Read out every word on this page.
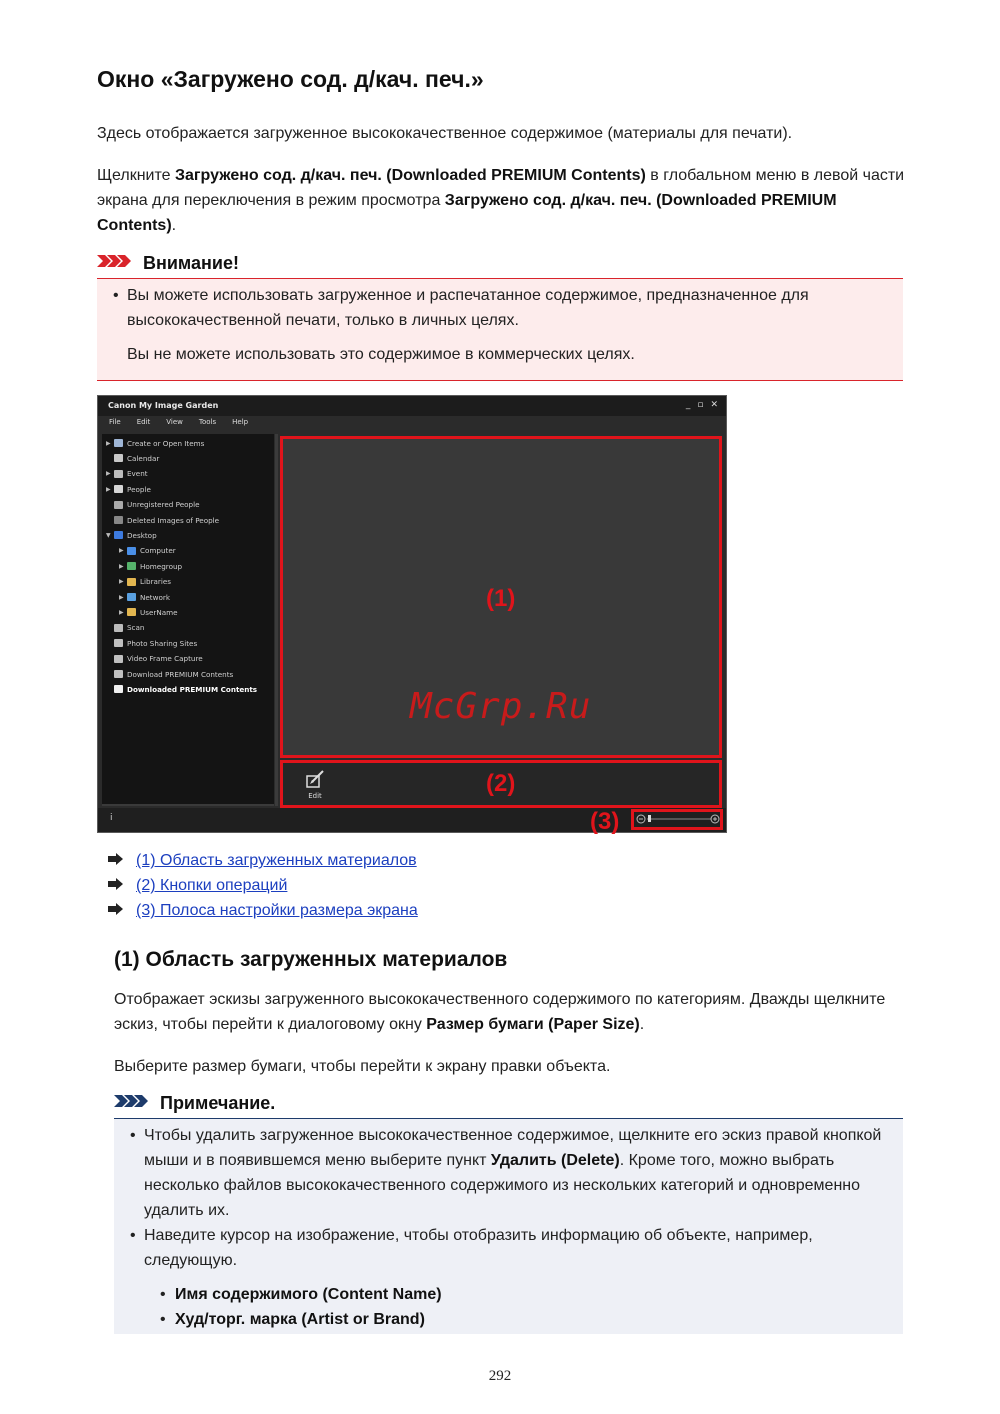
Окно «Загружено сод. д/кач. печ.»

Здесь отображается загруженное высококачественное содержимое (материалы для печати).

Щелкните Загружено сод. д/кач. печ. (Downloaded PREMIUM Contents) в глобальном меню в левой части экрана для переключения в режим просмотра Загружено сод. д/кач. печ. (Downloaded PREMIUM Contents).

Внимание!
• Вы можете использовать загруженное и распечатанное содержимое, предназначенное для высококачественной печати, только в личных целях.

Вы не можете использовать это содержимое в коммерческих целях.

Canon My Image Garden	_ ▫ ✕
File Edit View Tools Help
▶	Create or Open Items
Calendar
▶	Event
▶	People
Unregistered People
Deleted Images of People
▼	Desktop
▶	Computer
▶	Homegroup
▶	Libraries
▶	Network
▶	UserName
Scan
Photo Sharing Sites
Video Frame Capture
Download PREMIUM Contents
Downloaded PREMIUM Contents
Edit
i
(1)
(2)
(3)
McGrp.Ru
(1) Область загруженных материалов
(2) Кнопки операций
(3) Полоса настройки размера экрана
(1) Область загруженных материалов

Отображает эскизы загруженного высококачественного содержимого по категориям. Дважды щелкните эскиз, чтобы перейти к диалоговому окну Размер бумаги (Paper Size).

Выберите размер бумаги, чтобы перейти к экрану правки объекта.

Примечание.
• Чтобы удалить загруженное высококачественное содержимое, щелкните его эскиз правой кнопкой мыши и в появившемся меню выберите пункт Удалить (Delete). Кроме того, можно выбрать несколько файлов высококачественного содержимого из нескольких категорий и одновременно удалить их.

• Наведите курсор на изображение, чтобы отобразить информацию об объекте, например, следующую.

• Имя содержимого (Content Name)

• Худ/торг. марка (Artist or Brand)

292
